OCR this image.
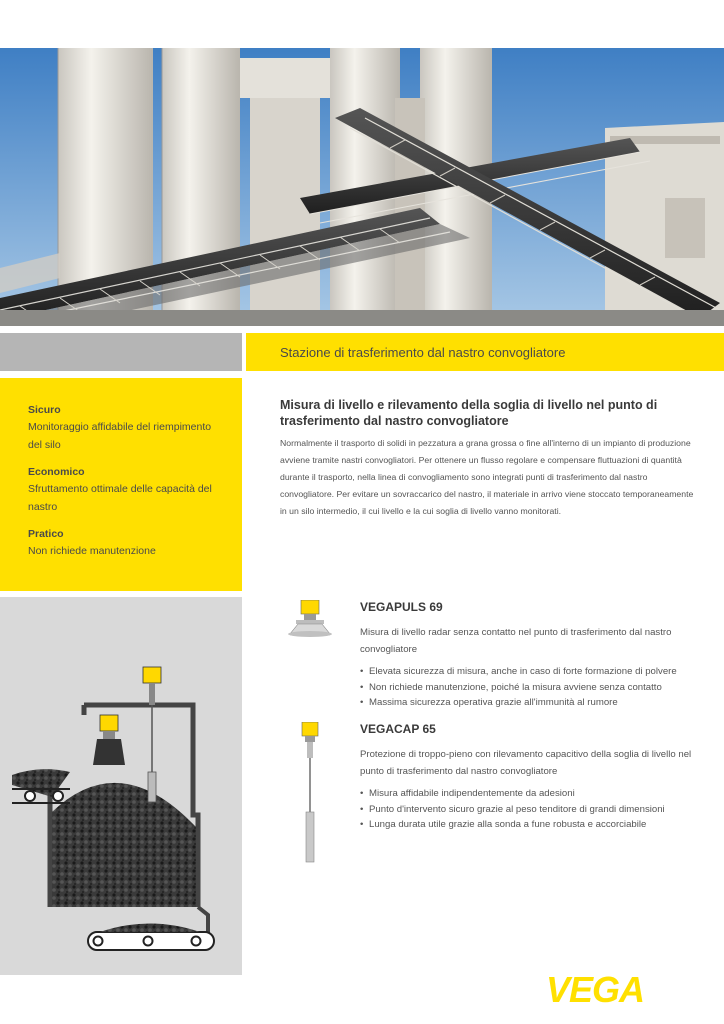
Stazione di trasferimento dal nastro convogliatore
Sicuro
Monitoraggio affidabile del riempimento del silo
Economico
Sfruttamento ottimale delle capacità del nastro
Pratico
Non richiede manutenzione
Misura di livello e rilevamento della soglia di livello nel punto di trasferimento dal nastro convogliatore
Normalmente il trasporto di solidi in pezzatura a grana grossa o fine all'interno di un impianto di produzione avviene tramite nastri convogliatori. Per ottenere un flusso regolare e compensare fluttuazioni di quantità durante il trasporto, nella linea di convogliamento sono integrati punti di trasferimento dal nastro convogliatore. Per evitare un sovraccarico del nastro, il materiale in arrivo viene stoccato temporaneamente in un silo intermedio, il cui livello e la cui soglia di livello vanno monitorati.
VEGAPULS 69
Misura di livello radar senza contatto nel punto di trasferimento dal nastro convogliatore
• Elevata sicurezza di misura, anche in caso di forte formazione di polvere
• Non richiede manutenzione, poiché la misura avviene senza contatto
• Massima sicurezza operativa grazie all'immunità al rumore
VEGACAP 65
Protezione di troppo-pieno con rilevamento capacitivo della soglia di livello nel punto di trasferimento dal nastro convogliatore
• Misura affidabile indipendentemente da adesioni
• Punto d'intervento sicuro grazie al peso tenditore di grandi dimensioni
• Lunga durata utile grazie alla sonda a fune robusta e accorciabile
VEGA
